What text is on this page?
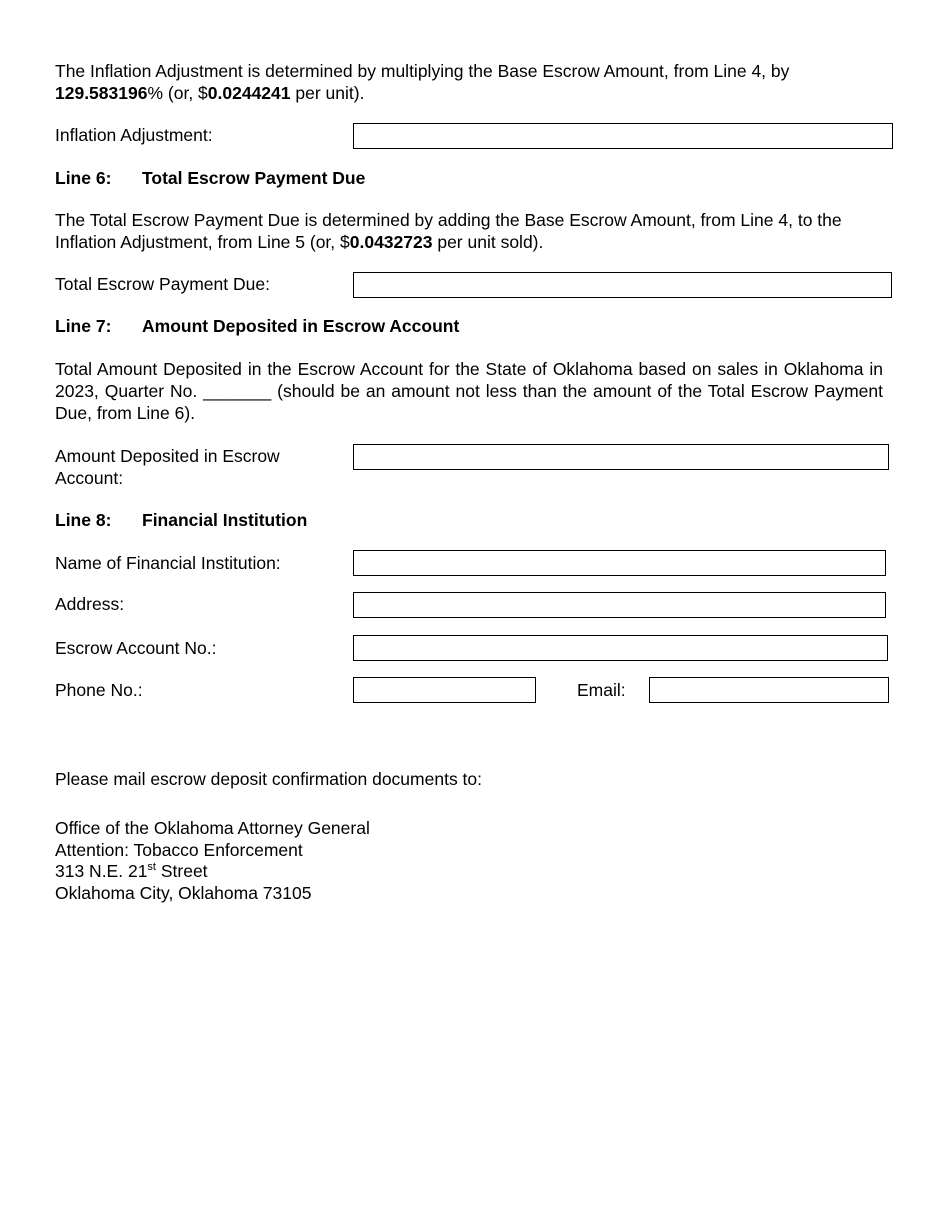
The Inflation Adjustment is determined by multiplying the Base Escrow Amount, from Line 4, by
129.583196% (or, $0.0244241 per unit).
Inflation Adjustment:
Line 6: Total Escrow Payment Due
The Total Escrow Payment Due is determined by adding the Base Escrow Amount, from Line 4, to the Inflation Adjustment, from Line 5 (or, $0.0432723 per unit sold).
Total Escrow Payment Due:
Line 7: Amount Deposited in Escrow Account
Total Amount Deposited in the Escrow Account for the State of Oklahoma based on sales in Oklahoma in 2023, Quarter No. _______ (should be an amount not less than the amount of the Total Escrow Payment Due, from Line 6).
Amount Deposited in Escrow Account:
Line 8: Financial Institution
Name of Financial Institution:
Address:
Escrow Account No.:
Phone No.:	Email:
Please mail escrow deposit confirmation documents to:
Office of the Oklahoma Attorney General
Attention: Tobacco Enforcement
313 N.E. 21st Street
Oklahoma City, Oklahoma 73105
